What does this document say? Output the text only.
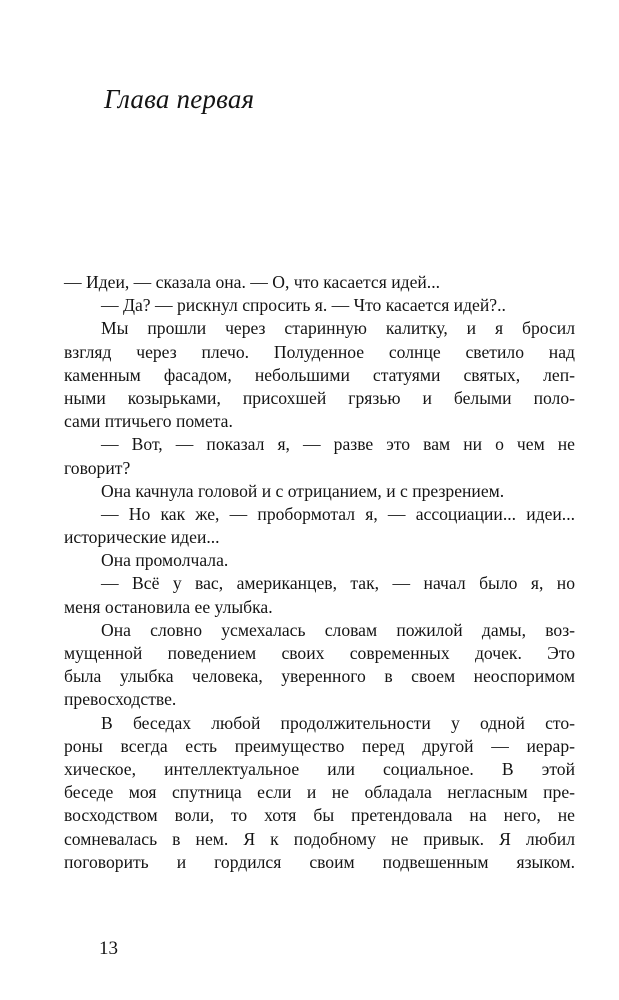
Глава первая
— Идеи, — сказала она. — О, что касается идей...
— Да? — рискнул спросить я. — Что касается идей?..
Мы прошли через старинную калитку, и я бросил
взгляд через плечо. Полуденное солнце светило над
каменным фасадом, небольшими статуями святых, леп-
ными козырьками, присохшей грязью и белыми поло-
сами птичьего помета.
— Вот, — показал я, — разве это вам ни о чем не
говорит?
Она качнула головой и с отрицанием, и с презрением.
— Но как же, — пробормотал я, — ассоциации... идеи...
исторические идеи...
Она промолчала.
— Всё у вас, американцев, так, — начал было я, но
меня остановила ее улыбка.
Она словно усмехалась словам пожилой дамы, воз-
мущенной поведением своих современных дочек. Это
была улыбка человека, уверенного в своем неоспоримом
превосходстве.
В беседах любой продолжительности у одной сто-
роны всегда есть преимущество перед другой — иерар-
хическое, интеллектуальное или социальное. В этой
беседе моя спутница если и не обладала негласным пре-
восходством воли, то хотя бы претендовала на него, не
сомневалась в нем. Я к подобному не привык. Я любил
поговорить и гордился своим подвешенным языком.
13
